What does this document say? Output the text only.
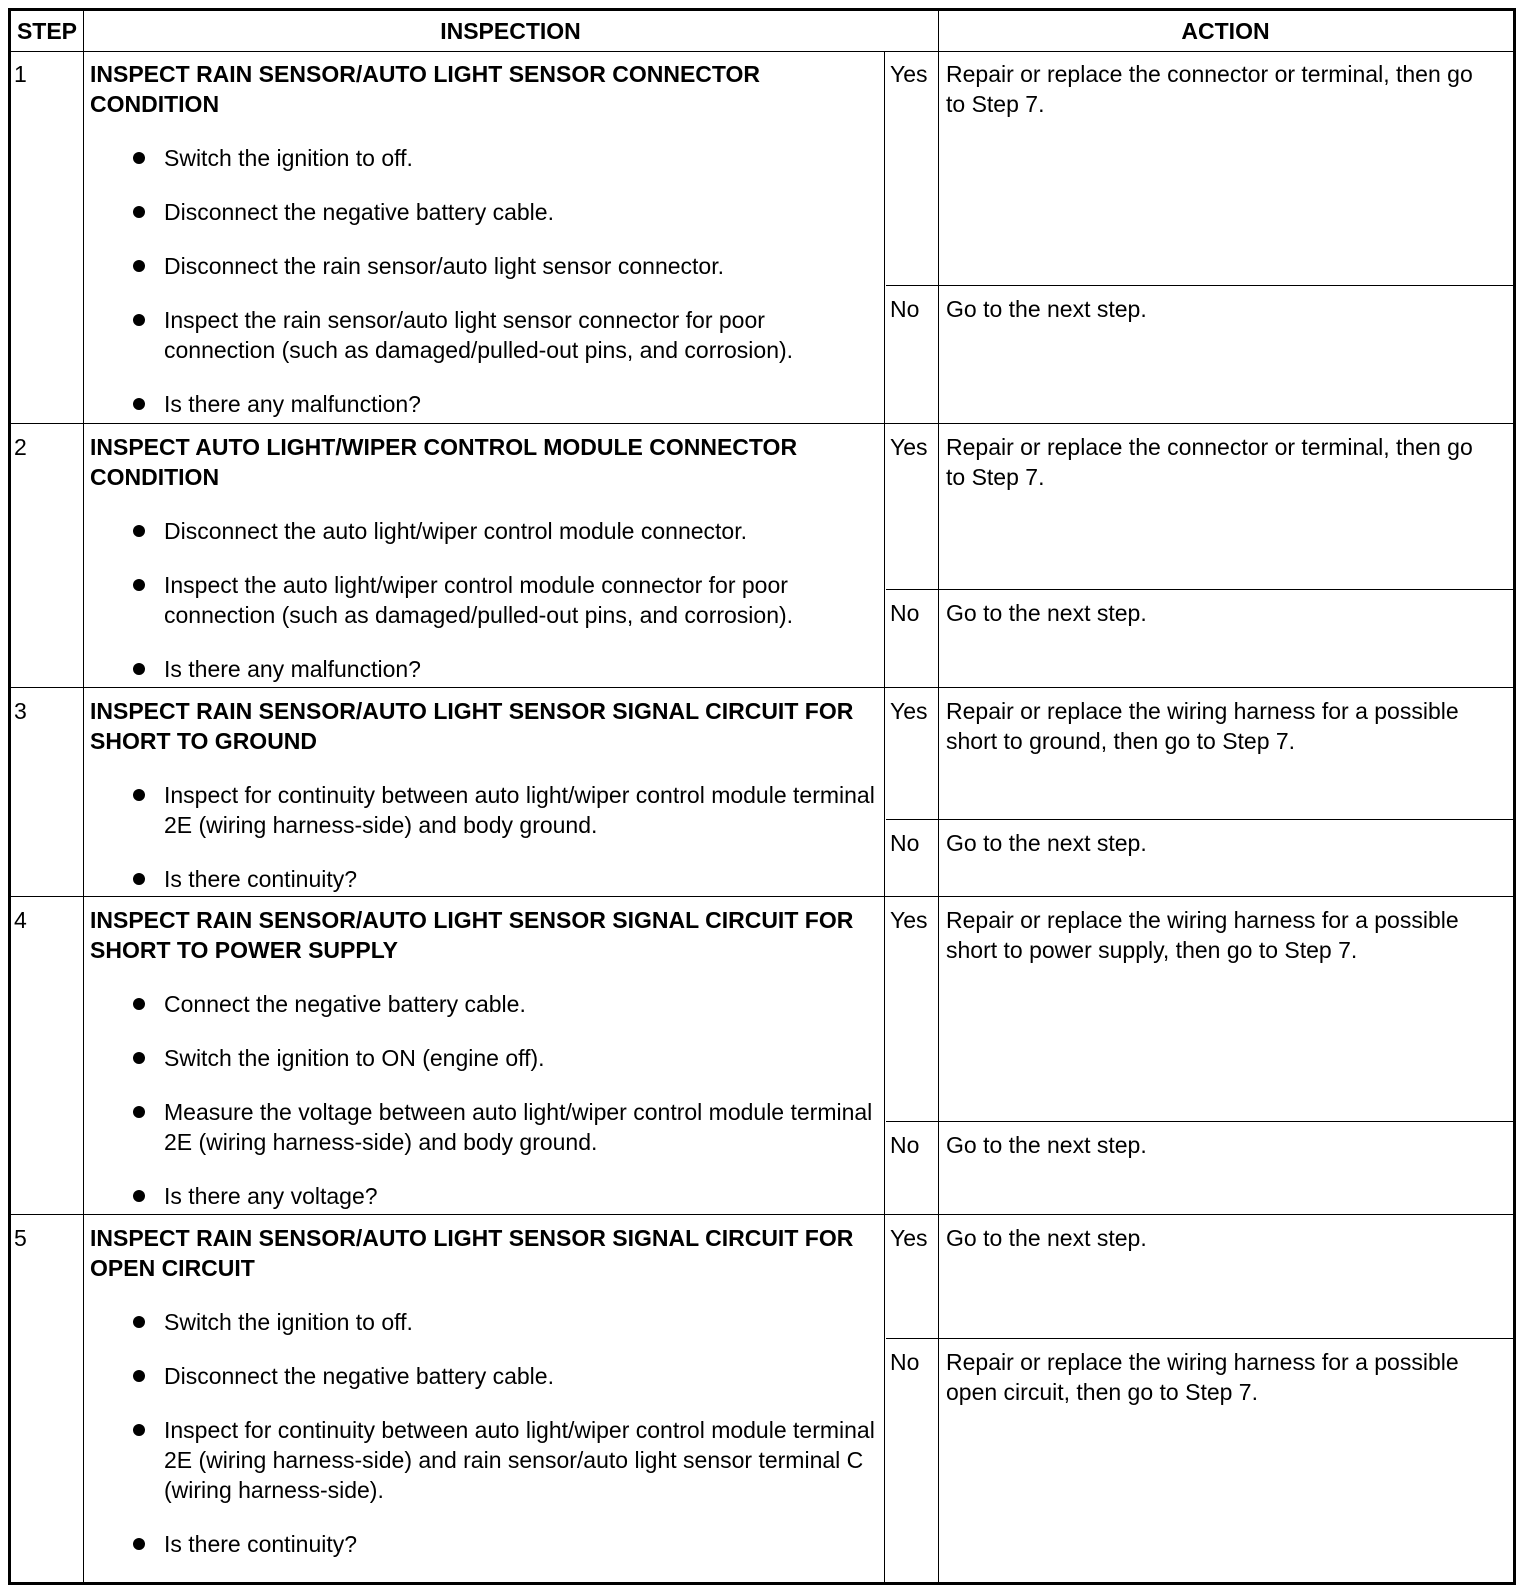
STEP	INSPECTION	ACTION
1	INSPECT RAIN SENSOR/AUTO LIGHT SENSOR CONNECTOR CONDITION
Switch the ignition to off.
Disconnect the negative battery cable.
Disconnect the rain sensor/auto light sensor connector.
Inspect the rain sensor/auto light sensor connector for poor connection (such as damaged/pulled-out pins, and corrosion).
Is there any malfunction?
Yes Repair or replace the connector or terminal, then go to Step 7.
No Go to the next step.
2	INSPECT AUTO LIGHT/WIPER CONTROL MODULE CONNECTOR CONDITION
Disconnect the auto light/wiper control module connector.
Inspect the auto light/wiper control module connector for poor connection (such as damaged/pulled-out pins, and corrosion).
Is there any malfunction?
Yes Repair or replace the connector or terminal, then go to Step 7.
No Go to the next step.
3	INSPECT RAIN SENSOR/AUTO LIGHT SENSOR SIGNAL CIRCUIT FOR SHORT TO GROUND
Inspect for continuity between auto light/wiper control module terminal 2E (wiring harness-side) and body ground.
Is there continuity?
Yes Repair or replace the wiring harness for a possible short to ground, then go to Step 7.
No Go to the next step.
4	INSPECT RAIN SENSOR/AUTO LIGHT SENSOR SIGNAL CIRCUIT FOR SHORT TO POWER SUPPLY
Connect the negative battery cable.
Switch the ignition to ON (engine off).
Measure the voltage between auto light/wiper control module terminal 2E (wiring harness-side) and body ground.
Is there any voltage?
Yes Repair or replace the wiring harness for a possible short to power supply, then go to Step 7.
No Go to the next step.
5	INSPECT RAIN SENSOR/AUTO LIGHT SENSOR SIGNAL CIRCUIT FOR OPEN CIRCUIT
Switch the ignition to off.
Disconnect the negative battery cable.
Inspect for continuity between auto light/wiper control module terminal 2E (wiring harness-side) and rain sensor/auto light sensor terminal C (wiring harness-side).
Is there continuity?
Yes Go to the next step.
No Repair or replace the wiring harness for a possible open circuit, then go to Step 7.
